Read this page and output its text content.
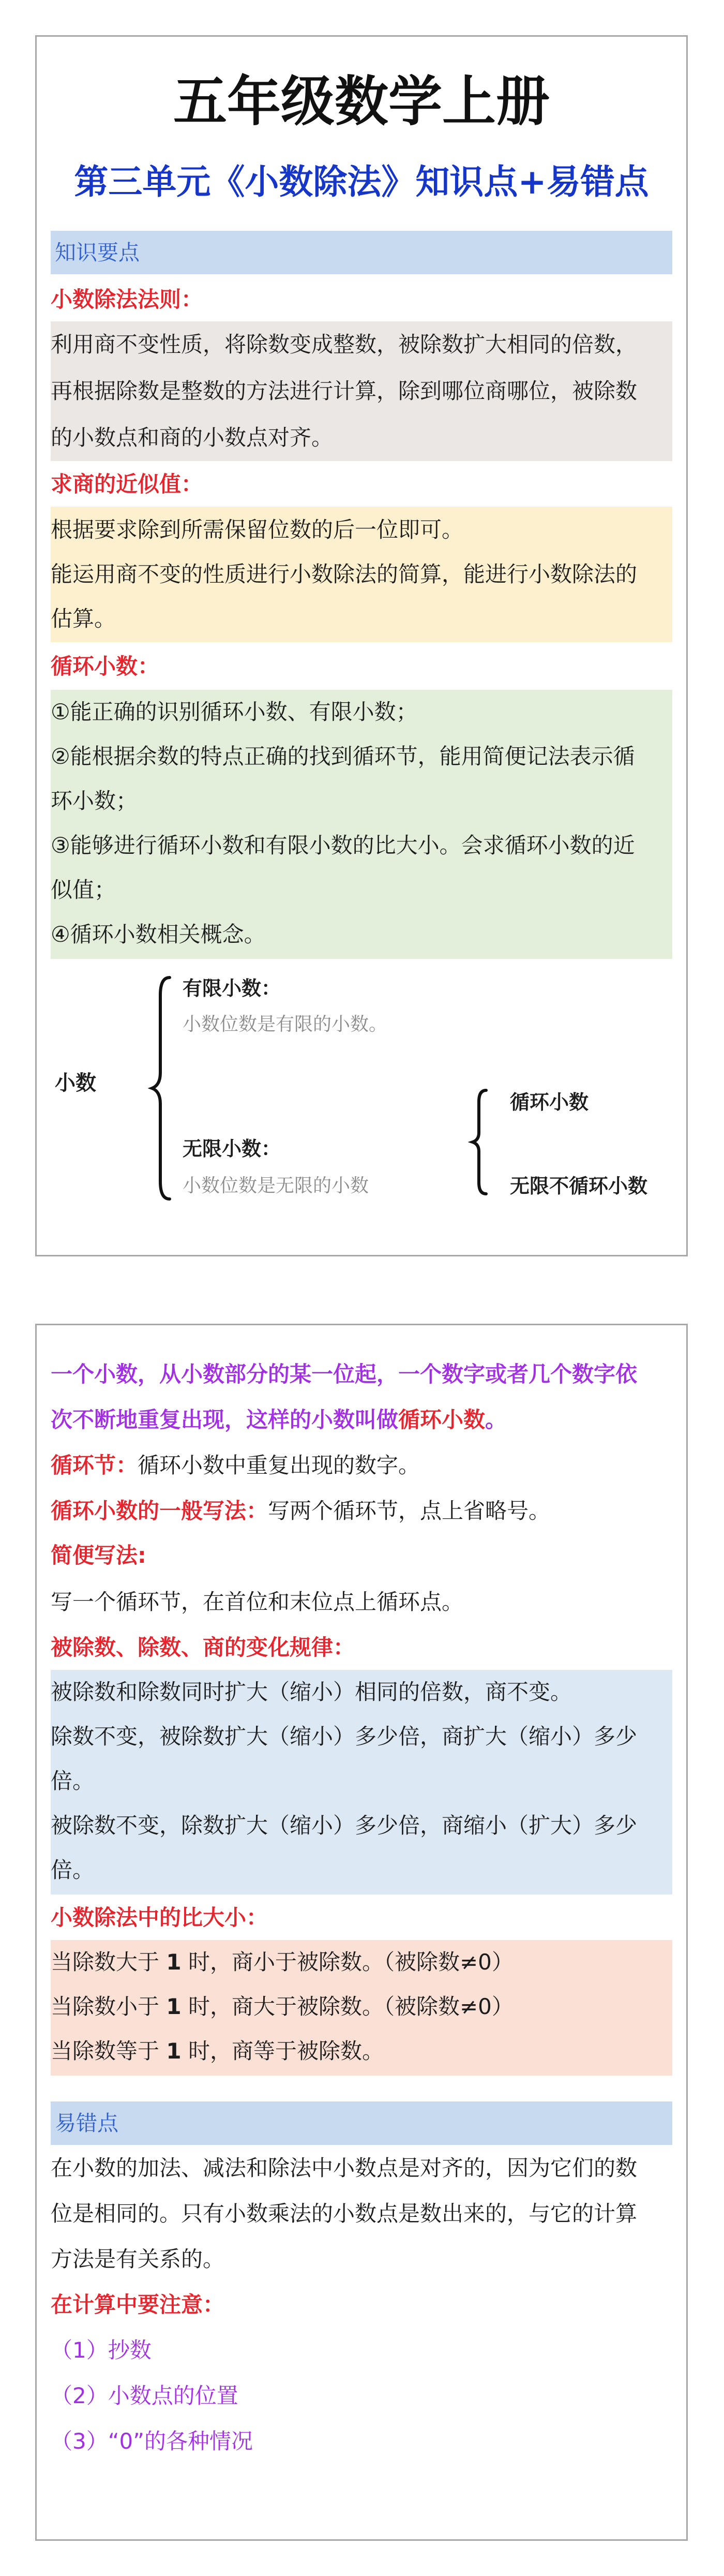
五年级数学上册
第三单元《小数除法》知识点+易错点
知识要点
小数除法法则：
利用商不变性质，将除数变成整数，被除数扩大相同的倍数，
再根据除数是整数的方法进行计算，除到哪位商哪位，被除数
的小数点和商的小数点对齐。
求商的近似值：
根据要求除到所需保留位数的后一位即可。
能运用商不变的性质进行小数除法的简算，能进行小数除法的
估算。
循环小数：
①能正确的识别循环小数、有限小数；
②能根据余数的特点正确的找到循环节，能用简便记法表示循
环小数；
③能够进行循环小数和有限小数的比大小。会求循环小数的近
似值；
④循环小数相关概念。
小数
有限小数：
小数位数是有限的小数。
无限小数：
小数位数是无限的小数
循环小数
无限不循环小数
一个小数，从小数部分的某一位起，一个数字或者几个数字依
次不断地重复出现，这样的小数叫做循环小数。
循环节：循环小数中重复出现的数字。
循环小数的一般写法：写两个循环节，点上省略号。
简便写法:
写一个循环节，在首位和末位点上循环点。
被除数、除数、商的变化规律：
被除数和除数同时扩大（缩小）相同的倍数，商不变。
除数不变，被除数扩大（缩小）多少倍，商扩大（缩小）多少
倍。
被除数不变，除数扩大（缩小）多少倍，商缩小（扩大）多少
倍。
小数除法中的比大小：
当除数大于 1 时，商小于被除数。（被除数≠0）
当除数小于 1 时，商大于被除数。（被除数≠0）
当除数等于 1 时，商等于被除数。
易错点
在小数的加法、减法和除法中小数点是对齐的，因为它们的数
位是相同的。只有小数乘法的小数点是数出来的，与它的计算
方法是有关系的。
在计算中要注意：
（1）抄数
（2）小数点的位置
（3）“0”的各种情况
